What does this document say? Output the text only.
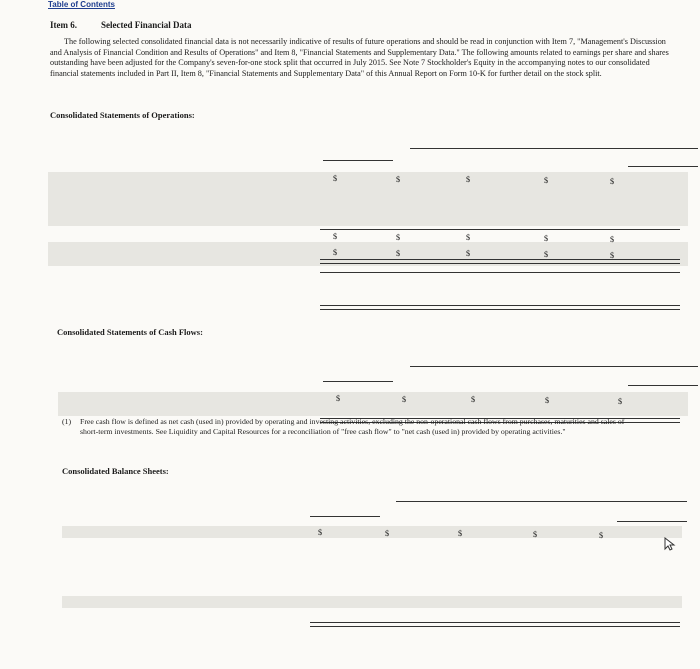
Table of Contents
Item 6.	Selected Financial Data

The following selected consolidated financial data is not necessarily indicative of results of future operations and should be read in conjunction with Item 7, "Management's Discussion and Analysis of Financial Condition and Results of Operations" and Item 8, "Financial Statements and Supplementary Data." The following amounts related to earnings per share and shares outstanding have been adjusted for the Company's seven-for-one stock split that occurred in July 2015. See Note 7 Stockholder's Equity in the accompanying notes to our consolidated financial statements included in Part II, Item 8, "Financial Statements and Supplementary Data" of this Annual Report on Form 10-K for further detail on the stock split.

Consolidated Statements of Operations:
$	$	$	$	$
$	$	$	$	$
$	$	$	$	$
Consolidated Statements of Cash Flows:
$	$	$	$	$
(1) Free cash flow is defined as net cash (used in) provided by operating and investing activities, excluding the non-operational cash flows from purchases, maturities and sales of short-term investments. See Liquidity and Capital Resources for a reconciliation of "free cash flow" to "net cash (used in) provided by operating activities."
Consolidated Balance Sheets:
$	$	$	$	$
